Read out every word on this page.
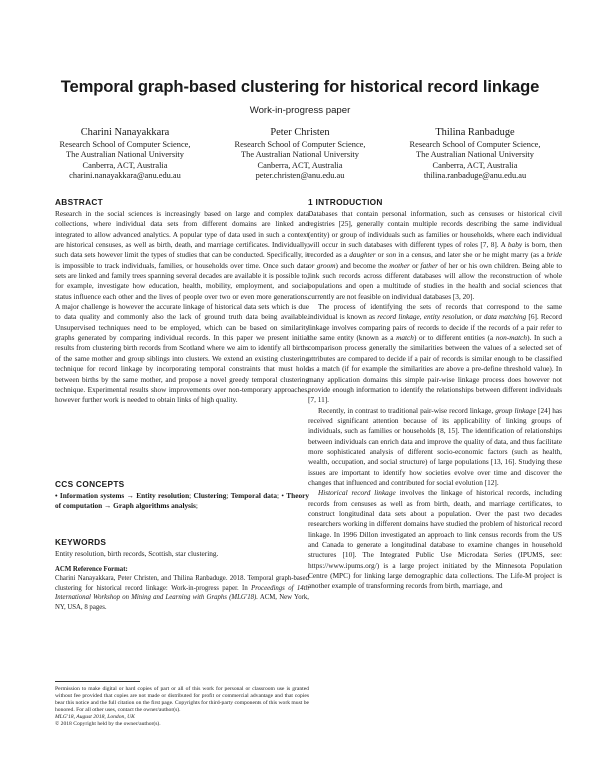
Temporal graph-based clustering for historical record linkage
Work-in-progress paper
Charini Nanayakkara
Research School of Computer Science,
The Australian National University
Canberra, ACT, Australia
charini.nanayakkara@anu.edu.au
Peter Christen
Research School of Computer Science,
The Australian National University
Canberra, ACT, Australia
peter.christen@anu.edu.au
Thilina Ranbaduge
Research School of Computer Science,
The Australian National University
Canberra, ACT, Australia
thilina.ranbaduge@anu.edu.au
ABSTRACT

Research in the social sciences is increasingly based on large and complex data collections, where individual data sets from different domains are linked and integrated to allow advanced analytics. A popular type of data used in such a context are historical censuses, as well as birth, death, and marriage certificates. Individually, such data sets however limit the types of studies that can be conducted. Specifically, it is impossible to track individuals, families, or households over time. Once such data sets are linked and family trees spanning several decades are available it is possible to, for example, investigate how education, health, mobility, employment, and social status influence each other and the lives of people over two or even more generations. A major challenge is however the accurate linkage of historical data sets which is due to data quality and commonly also the lack of ground truth data being available. Unsupervised techniques need to be employed, which can be based on similarity graphs generated by comparing individual records. In this paper we present initial results from clustering birth records from Scotland where we aim to identify all births of the same mother and group siblings into clusters. We extend an existing clustering technique for record linkage by incorporating temporal constraints that must hold between births by the same mother, and propose a novel greedy temporal clustering technique. Experimental results show improvements over non-temporary approaches, however further work is needed to obtain links of high quality.

CCS CONCEPTS

• Information systems → Entity resolution; Clustering; Temporal data; • Theory of computation → Graph algorithms analysis;

KEYWORDS

Entity resolution, birth records, Scottish, star clustering.

ACM Reference Format:

Charini Nanayakkara, Peter Christen, and Thilina Ranbaduge. 2018. Temporal graph-based clustering for historical record linkage: Work-in-progress paper. In Proceedings of 14th International Workshop on Mining and Learning with Graphs (MLG'18). ACM, New York, NY, USA, 8 pages.

Permission to make digital or hard copies of part or all of this work for personal or classroom use is granted without fee provided that copies are not made or distributed for profit or commercial advantage and that copies bear this notice and the full citation on the first page. Copyrights for third-party components of this work must be honored. For all other uses, contact the owner/author(s).

MLG'18, August 2018, London, UK

© 2018 Copyright held by the owner/author(s).

1 INTRODUCTION

Databases that contain personal information, such as censuses or historical civil registries [25], generally contain multiple records describing the same individual (entity) or group of individuals such as families or households, where each individual will occur in such databases with different types of roles [7, 8]. A baby is born, then recorded as a daughter or son in a census, and later she or he might marry (as a bride or groom) and become the mother or father of her or his own children. Being able to link such records across different databases will allow the reconstruction of whole populations and open a multitude of studies in the health and social sciences that currently are not feasible on individual databases [3, 20].

The process of identifying the sets of records that correspond to the same individual is known as record linkage, entity resolution, or data matching [6]. Record linkage involves comparing pairs of records to decide if the records of a pair refer to the same entity (known as a match) or to different entities (a non-match). In such a comparison process generally the similarities between the values of a selected set of attributes are compared to decide if a pair of records is similar enough to be classified as a match (if for example the similarities are above a pre-define threshold value). In many application domains this simple pair-wise linkage process does however not provide enough information to identify the relationships between different individuals [7, 11].

Recently, in contrast to traditional pair-wise record linkage, group linkage [24] has received significant attention because of its applicability of linking groups of individuals, such as families or households [8, 15]. The identification of relationships between individuals can enrich data and improve the quality of data, and thus facilitate more sophisticated analysis of different socio-economic factors (such as health, wealth, occupation, and social structure) of large populations [13, 16]. Studying these issues are important to identify how societies evolve over time and discover the changes that influenced and contributed for social evolution [12].

Historical record linkage involves the linkage of historical records, including records from censuses as well as from birth, death, and marriage certificates, to construct longitudinal data sets about a population. Over the past two decades researchers working in different domains have studied the problem of historical record linkage. In 1996 Dillon investigated an approach to link census records from the US and Canada to generate a longitudinal database to examine changes in household structures [10]. The Integrated Public Use Microdata Series (IPUMS, see: https://www.ipums.org/) is a large project initiated by the Minnesota Population Centre (MPC) for linking large demographic data collections. The Life-M project is another example of transforming records from birth, marriage, and
